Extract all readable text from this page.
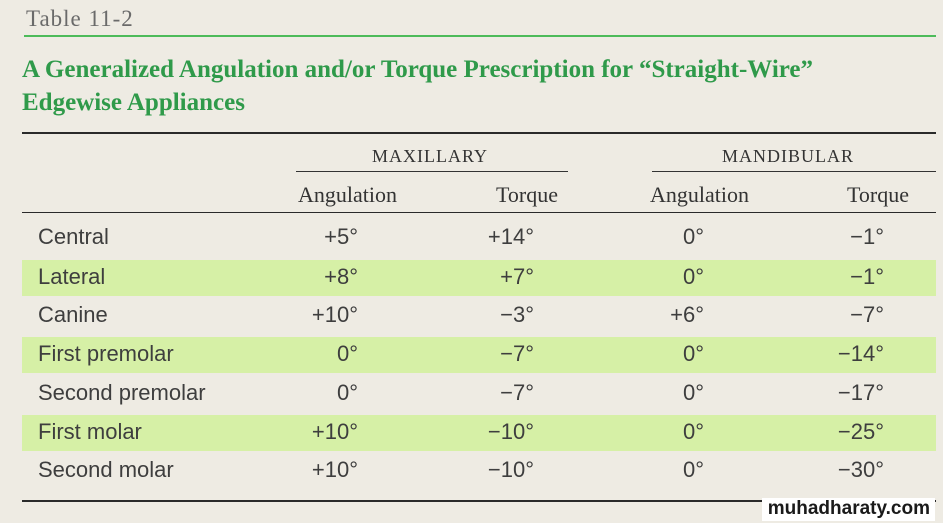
Table 11-2
A Generalized Angulation and/or Torque Prescription for “Straight-Wire”
Edgewise Appliances
MAXILLARY	MANDIBULAR
Angulation	Torque	Angulation	Torque
Central	+5°	+14°	0°	−1°
Lateral	+8°	+7°	0°	−1°
Canine	+10°	−3°	+6°	−7°
First premolar	0°	−7°	0°	−14°
Second premolar	0°	−7°	0°	−17°
First molar	+10°	−10°	0°	−25°
Second molar	+10°	−10°	0°	−30°
muhadharaty.com
